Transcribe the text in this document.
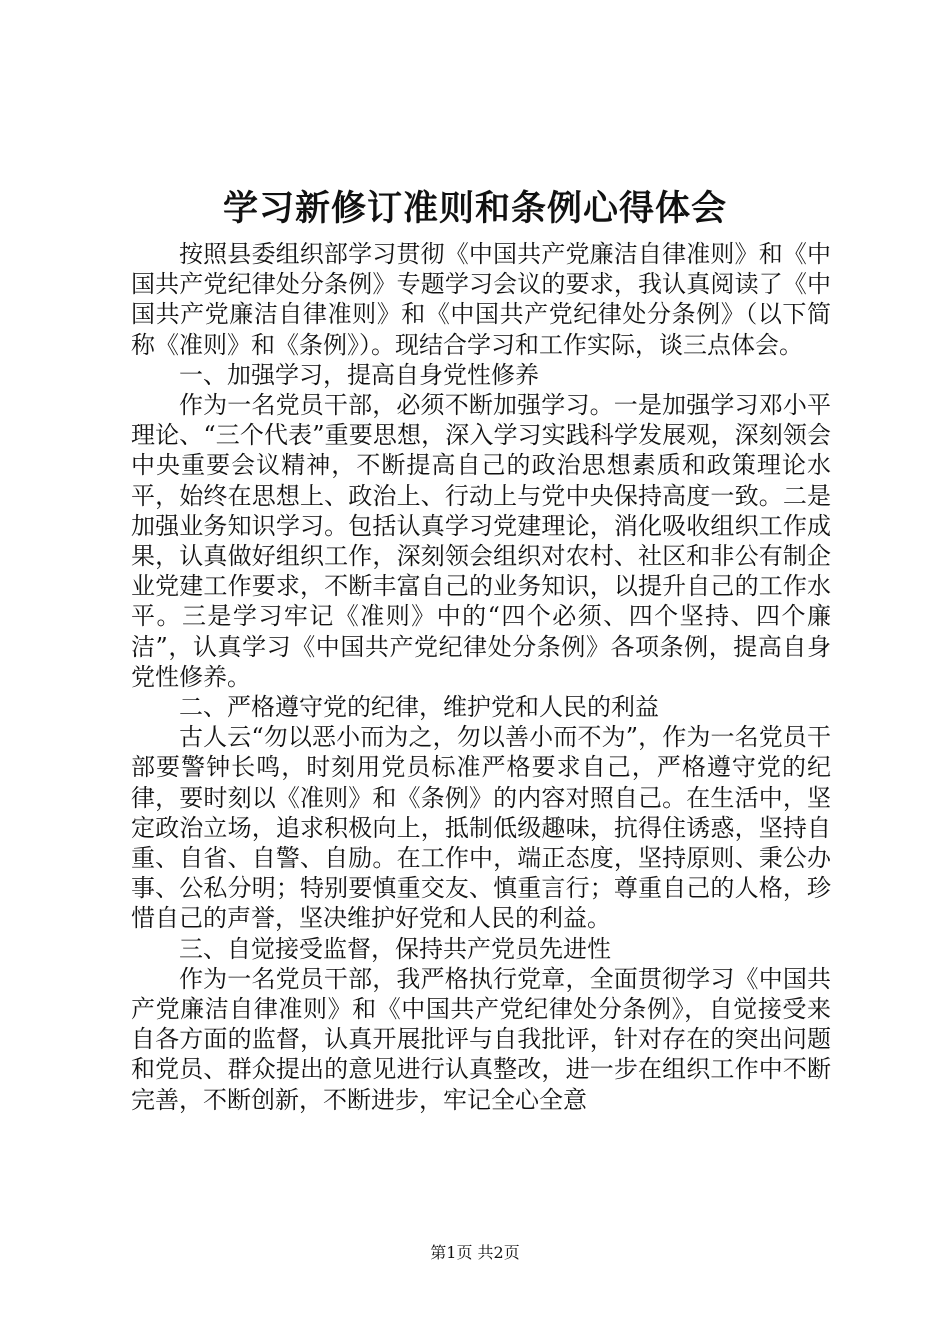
学习新修订准则和条例心得体会

按照县委组织部学习贯彻《中国共产党廉洁自律准则》和《中国共产党纪律处分条例》专题学习会议的要求，我认真阅读了《中国共产党廉洁自律准则》和《中国共产党纪律处分条例》（以下简称《准则》和《条例》）。现结合学习和工作实际，谈三点体会。

一、加强学习，提高自身党性修养

作为一名党员干部，必须不断加强学习。一是加强学习邓小平理论、“三个代表”重要思想，深入学习实践科学发展观，深刻领会中央重要会议精神，不断提高自己的政治思想素质和政策理论水平，始终在思想上、政治上、行动上与党中央保持高度一致。二是加强业务知识学习。包括认真学习党建理论，消化吸收组织工作成果，认真做好组织工作，深刻领会组织对农村、社区和非公有制企业党建工作要求，不断丰富自己的业务知识，以提升自己的工作水平。三是学习牢记《准则》中的“四个必须、四个坚持、四个廉洁”，认真学习《中国共产党纪律处分条例》各项条例，提高自身党性修养。

二、严格遵守党的纪律，维护党和人民的利益

古人云“勿以恶小而为之，勿以善小而不为”，作为一名党员干部要警钟长鸣，时刻用党员标准严格要求自己，严格遵守党的纪律，要时刻以《准则》和《条例》的内容对照自己。在生活中，坚定政治立场，追求积极向上，抵制低级趣味，抗得住诱惑，坚持自重、自省、自警、自励。在工作中，端正态度，坚持原则、秉公办事、公私分明；特别要慎重交友、慎重言行；尊重自己的人格，珍惜自己的声誉，坚决维护好党和人民的利益。

三、自觉接受监督，保持共产党员先进性

作为一名党员干部，我严格执行党章，全面贯彻学习《中国共产党廉洁自律准则》和《中国共产党纪律处分条例》，自觉接受来自各方面的监督，认真开展批评与自我批评，针对存在的突出问题和党员、群众提出的意见进行认真整改，进一步在组织工作中不断完善，不断创新，不断进步，牢记全心全意

第1页 共2页
